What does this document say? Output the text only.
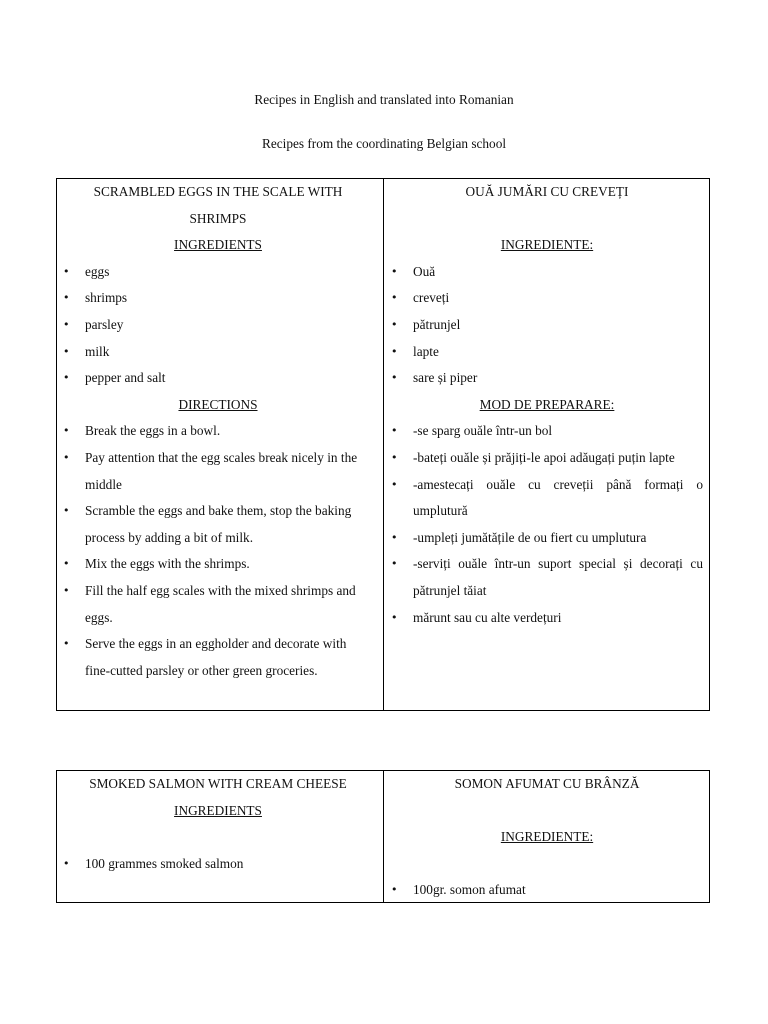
Recipes in English and translated into Romanian
Recipes from the coordinating Belgian school
SCRAMBLED EGGS IN THE SCALE WITH
SHRIMPS
INGREDIENTS
• eggs
• shrimps
• parsley
• milk
• pepper and salt
DIRECTIONS
• Break the eggs in a bowl.
• Pay attention that the egg scales break nicely in the middle
• Scramble the eggs and bake them, stop the baking process by adding a bit of milk.
• Mix the eggs with the shrimps.
• Fill the half egg scales with the mixed shrimps and eggs.
• Serve the eggs in an eggholder and decorate with fine-cutted parsley or other green groceries.
OUĂ JUMĂRI CU CREVEȚI
INGREDIENTE:
• Ouă
• creveți
• pătrunjel
• lapte
• sare și piper
MOD DE PREPARARE:
• -se sparg ouăle într-un bol
• -bateți ouăle și prăjiți-le apoi adăugați puțin lapte
• -amestecați ouăle cu creveții până formați o umplutură
• -umpleți jumătățile de ou fiert cu umplutura
• -serviți ouăle într-un suport special și decorați cu pătrunjel tăiat
• mărunt sau cu alte verdețuri
SMOKED SALMON WITH CREAM CHEESE
INGREDIENTS
• 100 grammes smoked salmon
SOMON AFUMAT CU BRÂNZĂ
INGREDIENTE:
• 100gr. somon afumat
